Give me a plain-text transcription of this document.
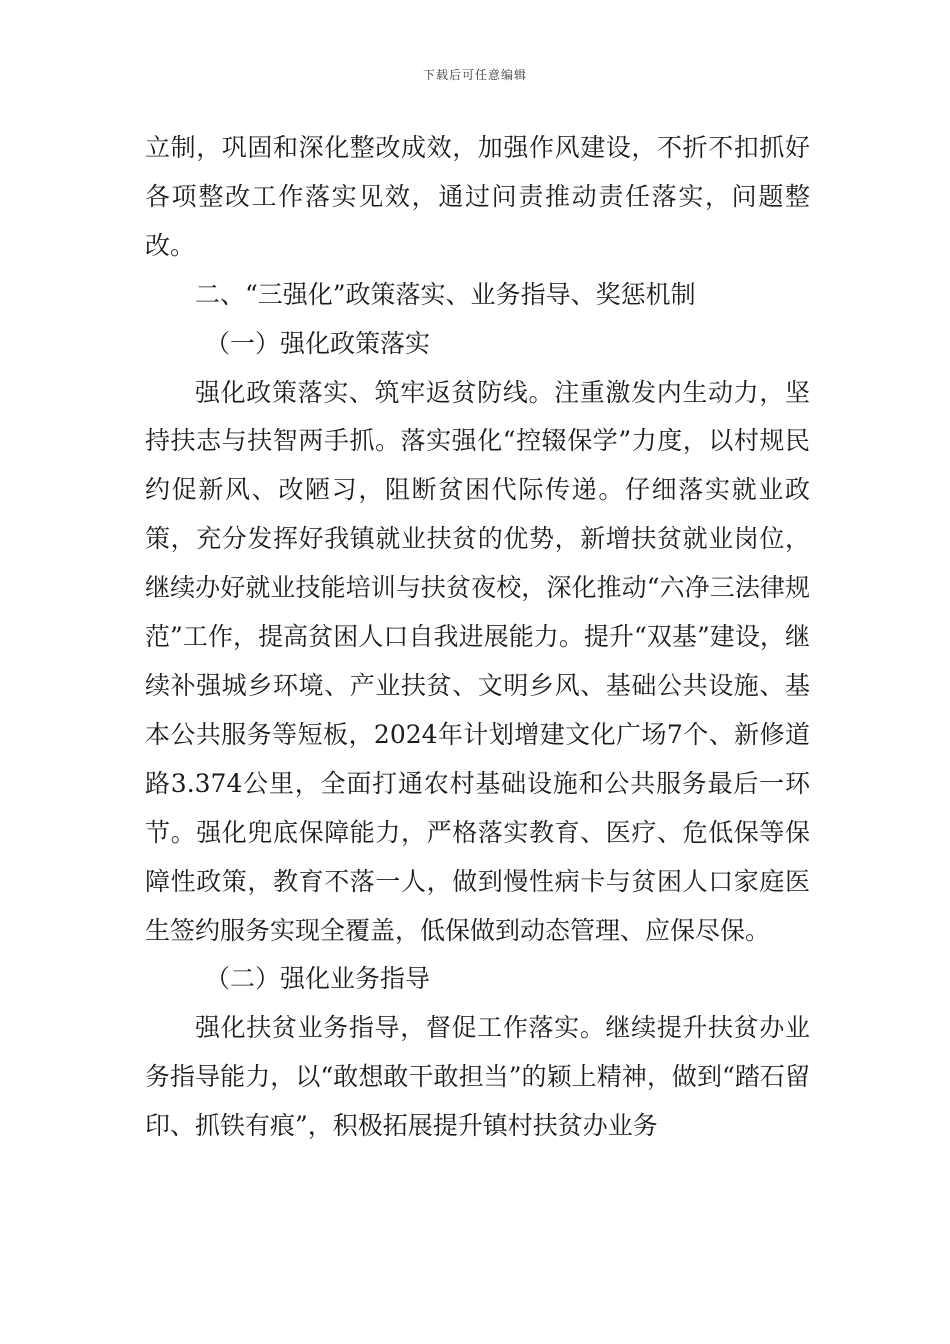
下载后可任意编辑

立制，巩固和深化整改成效，加强作风建设，不折不扣抓好各项整改工作落实见效，通过问责推动责任落实，问题整改。

二、“三强化”政策落实、业务指导、奖惩机制

（一）强化政策落实

强化政策落实、筑牢返贫防线。注重激发内生动力，坚持扶志与扶智两手抓。落实强化“控辍保学”力度，以村规民约促新风、改陋习，阻断贫困代际传递。仔细落实就业政策，充分发挥好我镇就业扶贫的优势，新增扶贫就业岗位，继续办好就业技能培训与扶贫夜校，深化推动“六净三法律规范”工作，提高贫困人口自我进展能力。提升“双基”建设，继续补强城乡环境、产业扶贫、文明乡风、基础公共设施、基本公共服务等短板，2024年计划增建文化广场7个、新修道路3.374公里，全面打通农村基础设施和公共服务最后一环节。强化兜底保障能力，严格落实教育、医疗、危低保等保障性政策，教育不落一人，做到慢性病卡与贫困人口家庭医生签约服务实现全覆盖，低保做到动态管理、应保尽保。

（二）强化业务指导

强化扶贫业务指导，督促工作落实。继续提升扶贫办业务指导能力，以“敢想敢干敢担当”的颖上精神，做到“踏石留印、抓铁有痕”，积极拓展提升镇村扶贫办业务
